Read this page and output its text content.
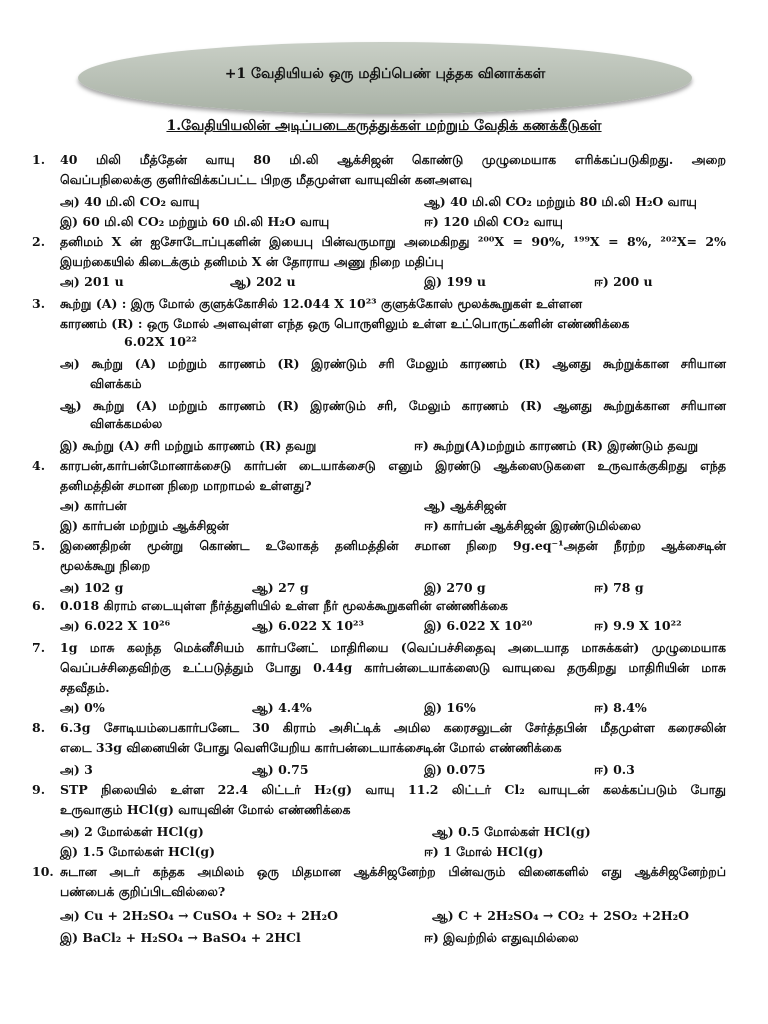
+1 வேதியியல் ஒரு மதிப்பெண் புத்தக வினாக்கள்
1.வேதியியலின் அடிப்படைகருத்துக்கள் மற்றும் வேதிக் கணக்கீடுகள்
1. 40 மிலி மீத்தேன் வாயு 80 மி.லி ஆக்சிஜன் கொண்டு முழுமையாக எரிக்கப்படுகிறது. அறை
வெப்பநிலைக்கு குளிர்விக்கப்பட்ட பிறகு மீதமுள்ள வாயுவின் கனஅளவு
அ) 40 மி.லி CO₂ வாயு	ஆ) 40 மி.லி CO₂ மற்றும் 80 மி.லி H₂O வாயு
இ) 60 மி.லி CO₂ மற்றும் 60 மி.லி H₂O வாயு	ஈ) 120 மிலி CO₂ வாயு
2. தனிமம் X ன் ஐசோடோப்புகளின் இயைபு பின்வருமாறு அமைகிறது ²⁰⁰X = 90%, ¹⁹⁹X = 8%, ²⁰²X= 2%
இயற்கையில் கிடைக்கும் தனிமம் X ன் தோராய அணு நிறை மதிப்பு
அ) 201 u	ஆ) 202 u	இ) 199 u	ஈ) 200 u
3. கூற்று (A) : இரு மோல் குளுக்கோசில் 12.044 X 10²³ குளுக்கோஸ் மூலக்கூறுகள் உள்ளன
காரணம் (R) : ஒரு மோல் அளவுள்ள எந்த ஒரு பொருளிலும் உள்ள உட்பொருட்களின் எண்ணிக்கை
6.02X 10²²
அ) கூற்று (A) மற்றும் காரணம் (R) இரண்டும் சரி மேலும் காரணம் (R) ஆனது கூற்றுக்கான சரியான
விளக்கம்
ஆ) கூற்று (A) மற்றும் காரணம் (R) இரண்டும் சரி, மேலும் காரணம் (R) ஆனது கூற்றுக்கான சரியான
விளக்கமல்ல
இ) கூற்று (A) சரி மற்றும் காரணம் (R) தவறு	ஈ) கூற்று(A)மற்றும் காரணம் (R) இரண்டும் தவறு
4. காரபன்,கார்பன்மோனாக்சைடு கார்பன் டையாக்சைடு எனும் இரண்டு ஆக்ஸைடுகளை உருவாக்குகிறது எந்த
தனிமத்தின் சமான நிறை மாறாமல் உள்ளது?
அ) கார்பன்	ஆ) ஆக்சிஜன்
இ) கார்பன் மற்றும் ஆக்சிஜன்	ஈ) கார்பன் ஆக்சிஜன் இரண்டுமில்லை
5. இணைதிறன் மூன்று கொண்ட உலோகத் தனிமத்தின் சமான நிறை 9g.eq⁻¹அதன் நீரற்ற ஆக்சைடின்
மூலக்கூறு நிறை
அ) 102 g	ஆ) 27 g	இ) 270 g	ஈ) 78 g
6. 0.018 கிராம் எடையுள்ள நீர்த்துளியில் உள்ள நீர் மூலக்கூறுகளின் எண்ணிக்கை
அ) 6.022 X 10²⁶	ஆ) 6.022 X 10²³	இ) 6.022 X 10²⁰	ஈ) 9.9 X 10²²
7. 1g மாசு கலந்த மெக்னீசியம் கார்பனேட் மாதிரியை (வெப்பச்சிதைவு அடையாத மாசுக்கள்) முழுமையாக
வெப்பச்சிதைவிற்கு உட்படுத்தும் போது 0.44g கார்பன்டையாக்ஸைடு வாயுவை தருகிறது மாதிரியின் மாசு
சதவீதம்.
அ) 0%	ஆ) 4.4%	இ) 16%	ஈ) 8.4%
8. 6.3g சோடியம்பைகார்பனேட 30 கிராம் அசிட்டிக் அமில கரைசலுடன் சேர்த்தபின் மீதமுள்ள கரைசலின்
எடை 33g வினையின் போது வெளியேறிய கார்பன்டையாக்சைடின் மோல் எண்ணிக்கை
அ) 3	ஆ) 0.75	இ) 0.075	ஈ) 0.3
9. STP நிலையில் உள்ள 22.4 லிட்டர் H₂(g) வாயு 11.2 லிட்டர் Cl₂ வாயுடன் கலக்கப்படும் போது
உருவாகும் HCl(g) வாயுவின் மோல் எண்ணிக்கை
அ) 2 மோல்கள் HCl(g)	ஆ) 0.5 மோல்கள் HCl(g)
இ) 1.5 மோல்கள் HCl(g)	ஈ) 1 மோல் HCl(g)
10. சுடான அடர் கந்தக அமிலம் ஒரு மிதமான ஆக்சிஜனேற்ற பின்வரும் வினைகளில் எது ஆக்சிஜனேற்றப்
பண்பைக் குறிப்பிடவில்லை?
அ) Cu + 2H₂SO₄ → CuSO₄ + SO₂ + 2H₂O	ஆ) C + 2H₂SO₄ → CO₂ + 2SO₂ +2H₂O
இ) BaCl₂ + H₂SO₄ → BaSO₄ + 2HCl	ஈ) இவற்றில் எதுவுமில்லை
